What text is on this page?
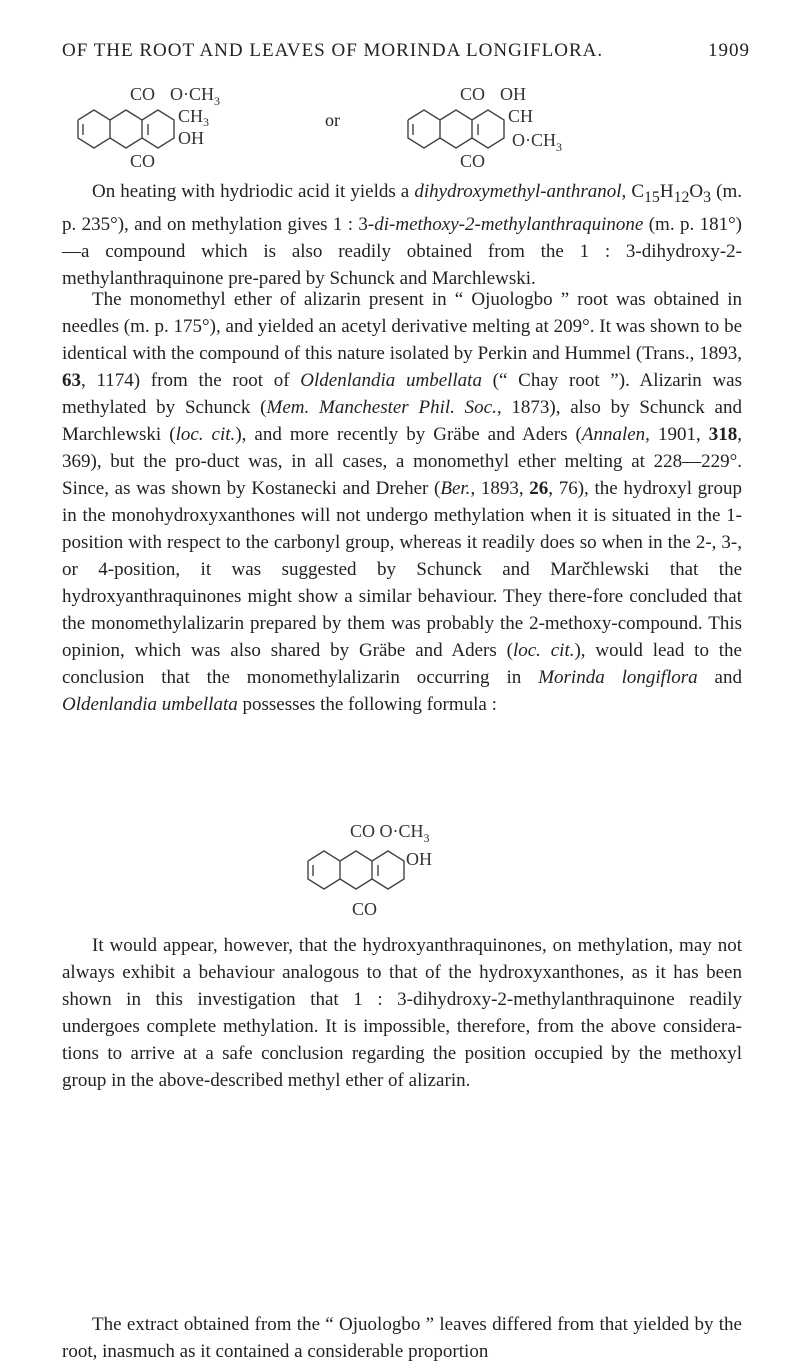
OF THE ROOT AND LEAVES OF MORINDA LONGIFLORA.	1909
CO $O\cdot CH_3$
$CH_3$
OH
CO
or
CO OH
CH
$O\cdot CH_3$
CO

On heating with hydriodic acid it yields a dihydroxymethyl-anthranol, $C_{15}H_{12}O_3$ (m. p. 235°), and on methylation gives 1 : 3-di-methoxy-2-methylanthraquinone (m. p. 181°)—a compound which is also readily obtained from the 1 : 3-dihydroxy-2-methylanthraquinone pre-pared by Schunck and Marchlewski.

The monomethyl ether of alizarin present in “ Ojuologbo ” root was obtained in needles (m. p. 175°), and yielded an acetyl derivative melting at 209°. It was shown to be identical with the compound of this nature isolated by Perkin and Hummel (Trans., 1893, 63, 1174) from the root of Oldenlandia umbellata (“ Chay root ”). Alizarin was methylated by Schunck (Mem. Manchester Phil. Soc., 1873), also by Schunck and Marchlewski (loc. cit.), and more recently by Gräbe and Aders (Annalen, 1901, 318, 369), but the pro-duct was, in all cases, a monomethyl ether melting at 228—229°. Since, as was shown by Kostanecki and Dreher (Ber., 1893, 26, 76), the hydroxyl group in the monohydroxyxanthones will not undergo methylation when it is situated in the 1-position with respect to the carbonyl group, whereas it readily does so when in the 2-, 3-, or 4-position, it was suggested by Schunck and Marčhlewski that the hydroxyanthraquinones might show a similar behaviour. They there-fore concluded that the monomethylalizarin prepared by them was probably the 2-methoxy-compound. This opinion, which was also shared by Gräbe and Aders (loc. cit.), would lead to the conclusion that the monomethylalizarin occurring in Morinda longiflora and Oldenlandia umbellata possesses the following formula :

CO $O\cdot CH_3$
OH
CO

It would appear, however, that the hydroxyanthraquinones, on methylation, may not always exhibit a behaviour analogous to that of the hydroxyxanthones, as it has been shown in this investigation that 1 : 3-dihydroxy-2-methylanthraquinone readily undergoes complete methylation. It is impossible, therefore, from the above considera-tions to arrive at a safe conclusion regarding the position occupied by the methoxyl group in the above-described methyl ether of alizarin.

The extract obtained from the “ Ojuologbo ” leaves differed from that yielded by the root, inasmuch as it contained a considerable proportion
